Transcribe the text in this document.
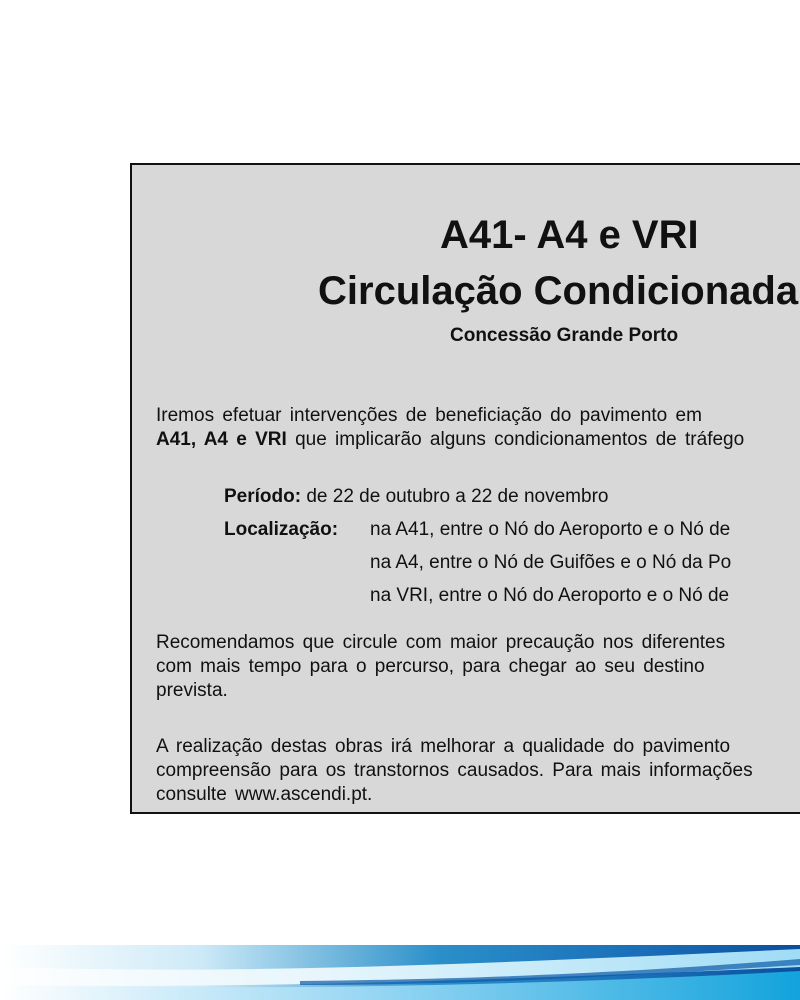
A41- A4 e VRI
Circulação Condicionada
Concessão Grande Porto
Iremos efetuar intervenções de beneficiação do pavimento em
A41, A4 e VRI que implicarão alguns condicionamentos de tráfego
Período: de 22 de outubro a 22 de novembro
Localização: na A41, entre o Nó do Aeroporto e o Nó de
na A4, entre o Nó de Guifões e o Nó da Po
na VRI, entre o Nó do Aeroporto e o Nó de
Recomendamos que circule com maior precaução nos diferentes
com mais tempo para o percurso, para chegar ao seu destino
prevista.
A realização destas obras irá melhorar a qualidade do pavimento
compreensão para os transtornos causados. Para mais informações
consulte www.ascendi.pt.
